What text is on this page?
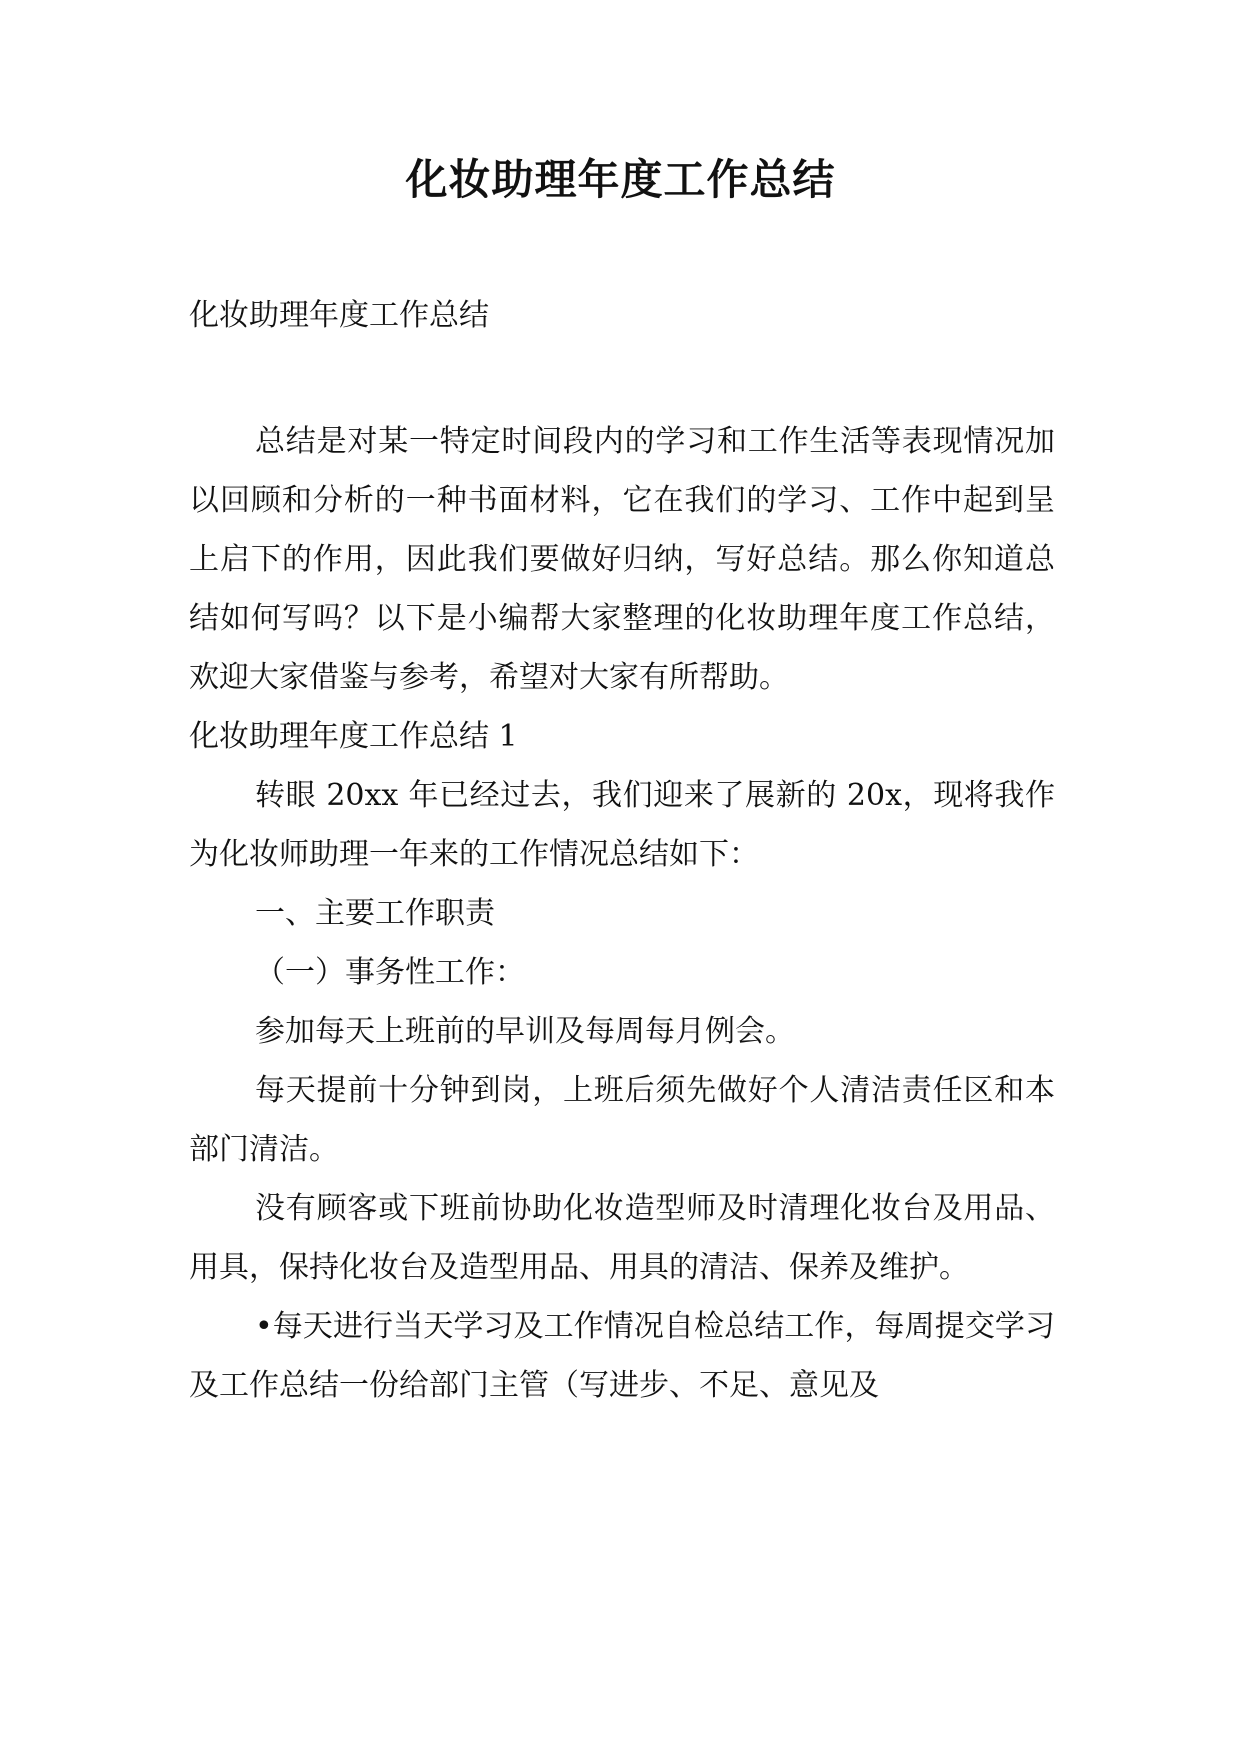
化妆助理年度工作总结

化妆助理年度工作总结

总结是对某一特定时间段内的学习和工作生活等表现情况加以回顾和分析的一种书面材料，它在我们的学习、工作中起到呈上启下的作用，因此我们要做好归纳，写好总结。那么你知道总结如何写吗？以下是小编帮大家整理的化妆助理年度工作总结，欢迎大家借鉴与参考，希望对大家有所帮助。

化妆助理年度工作总结 1

转眼 20xx 年已经过去，我们迎来了展新的 20x，现将我作为化妆师助理一年来的工作情况总结如下：

一、主要工作职责

（一）事务性工作：

参加每天上班前的早训及每周每月例会。

每天提前十分钟到岗，上班后须先做好个人清洁责任区和本部门清洁。

没有顾客或下班前协助化妆造型师及时清理化妆台及用品、用具，保持化妆台及造型用品、用具的清洁、保养及维护。

•每天进行当天学习及工作情况自检总结工作，每周提交学习及工作总结一份给部门主管（写进步、不足、意见及
